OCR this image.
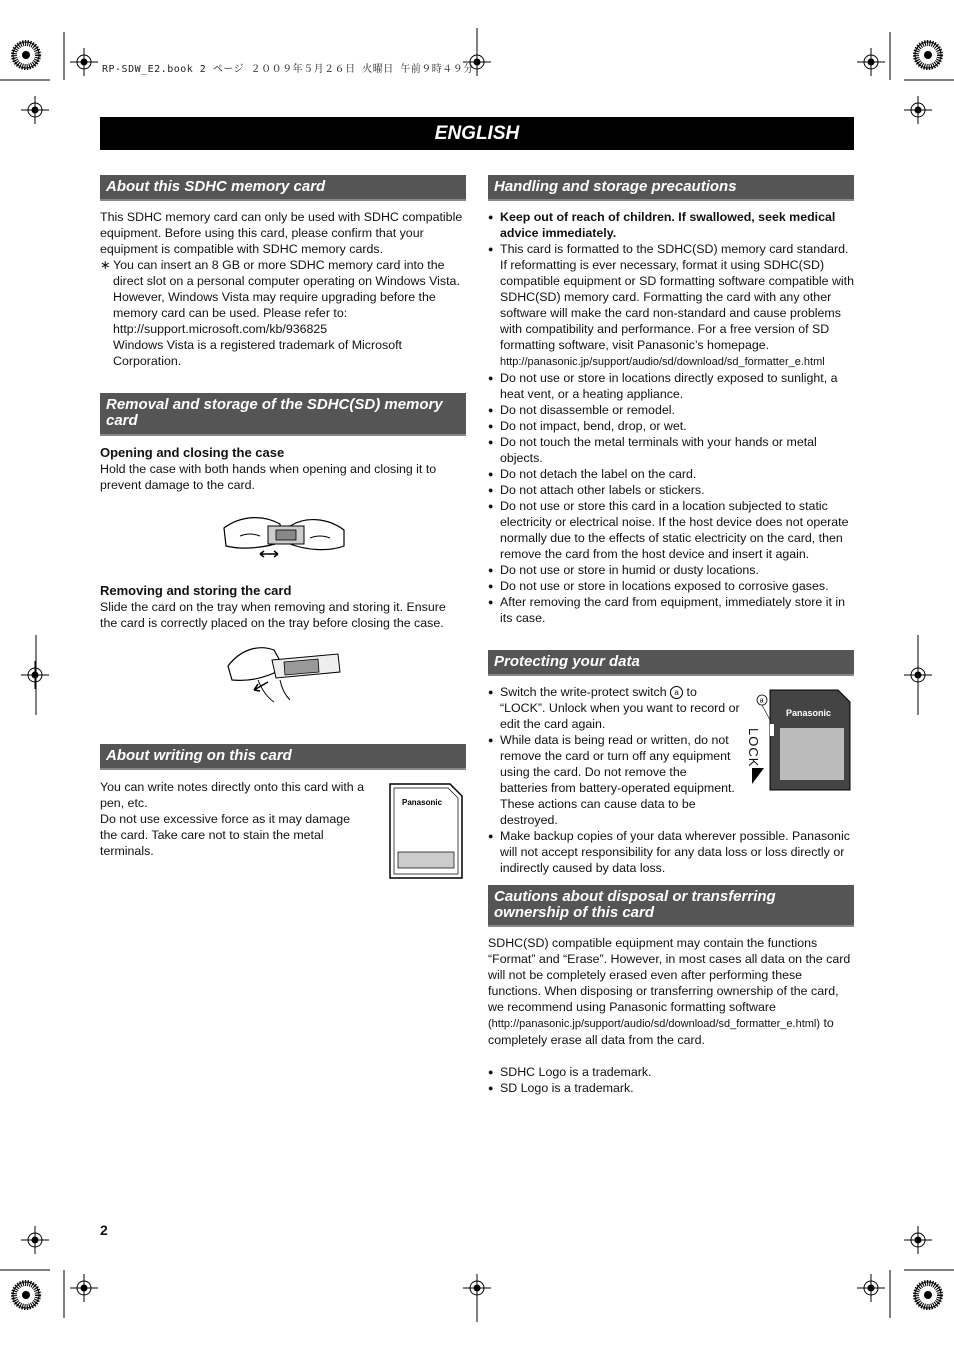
RP-SDW_E2.book 2 ページ ２００９年５月２６日 火曜日 午前９時４９分
ENGLISH
About this SDHC memory card

This SDHC memory card can only be used with SDHC compatible equipment. Before using this card, please confirm that your equipment is compatible with SDHC memory cards.

∗ You can insert an 8 GB or more SDHC memory card into the direct slot on a personal computer operating on Windows Vista. However, Windows Vista may require upgrading before the memory card can be used. Please refer to:
http://support.microsoft.com/kb/936825
Windows Vista is a registered trademark of Microsoft Corporation.
Removal and storage of the SDHC(SD) memory card

Opening and closing the case

Hold the case with both hands when opening and closing it to prevent damage to the card.

Removing and storing the card

Slide the card on the tray when removing and storing it. Ensure the card is correctly placed on the tray before closing the case.

About writing on this card

You can write notes directly onto this card with a pen, etc.

Do not use excessive force as it may damage the card. Take care not to stain the metal terminals.

Panasonic
Handling and storage precautions
● Keep out of reach of children. If swallowed, seek medical advice immediately.
● This card is formatted to the SDHC(SD) memory card standard. If reformatting is ever necessary, format it using SDHC(SD) compatible equipment or SD formatting software compatible with SDHC(SD) memory card. Formatting the card with any other software will make the card non-standard and cause problems with compatibility and performance. For a free version of SD formatting software, visit Panasonic’s homepage.
http://panasonic.jp/support/audio/sd/download/sd_formatter_e.html
● Do not use or store in locations directly exposed to sunlight, a heat vent, or a heating appliance.
● Do not disassemble or remodel.
● Do not impact, bend, drop, or wet.
● Do not touch the metal terminals with your hands or metal objects.
● Do not detach the label on the card.
● Do not attach other labels or stickers.
● Do not use or store this card in a location subjected to static electricity or electrical noise. If the host device does not operate normally due to the effects of static electricity on the card, then remove the card from the host device and insert it again.
● Do not use or store in humid or dusty locations.
● Do not use or store in locations exposed to corrosive gases.
● After removing the card from equipment, immediately store it in its case.
Protecting your data
● Switch the write-protect switch a to “LOCK”. Unlock when you want to record or edit the card again.
● While data is being read or written, do not remove the card or turn off any equipment using the card. Do not remove the batteries from battery-operated equipment. These actions can cause data to be destroyed.
● Make backup copies of your data wherever possible. Panasonic will not accept responsibility for any data loss or loss directly or indirectly caused by data loss.
a
Panasonic
LOCK
Cautions about disposal or transferring ownership of this card

SDHC(SD) compatible equipment may contain the functions “Format” and “Erase”. However, in most cases all data on the card will not be completely erased even after performing these functions. When disposing or transferring ownership of the card, we recommend using Panasonic formatting software (http://panasonic.jp/support/audio/sd/download/sd_formatter_e.html) to completely erase all data from the card.

● SDHC Logo is a trademark.
● SD Logo is a trademark.
2
